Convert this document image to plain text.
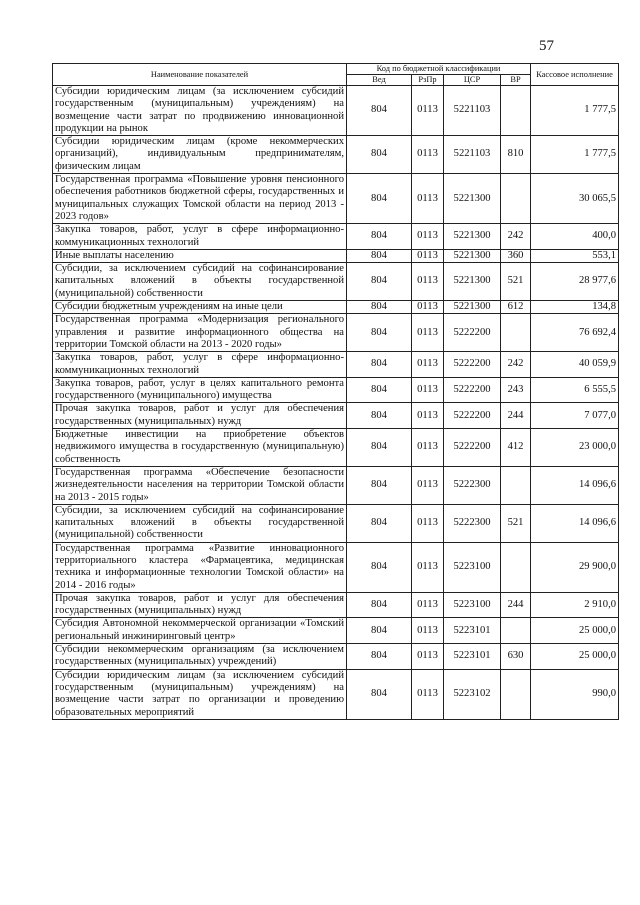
57
Наименование показателей	Код по бюджетной классификации				Кассовое исполнение
	Вед	РзПр	ЦСР	ВР	
Субсидии юридическим лицам (за исключением субсидий государственным (муниципальным) учреждениям) на возмещение части затрат по продвижению инновационной продукции на рынок	804	0113	5221103		1 777,5
Субсидии юридическим лицам (кроме некоммерческих организаций), индивидуальным предпринимателям, физическим лицам	804	0113	5221103	810	1 777,5
Государственная программа «Повышение уровня пенсионного обеспечения работников бюджетной сферы, государственных и муниципальных служащих Томской области на период 2013 - 2023 годов»	804	0113	5221300		30 065,5
Закупка товаров, работ, услуг в сфере информационно-коммуникационных технологий	804	0113	5221300	242	400,0
Иные выплаты населению	804	0113	5221300	360	553,1
Субсидии, за исключением субсидий на софинансирование капитальных вложений в объекты государственной (муниципальной) собственности	804	0113	5221300	521	28 977,6
Субсидии бюджетным учреждениям на иные цели	804	0113	5221300	612	134,8
Государственная программа «Модернизация регионального управления и развитие информационного общества на территории Томской области на 2013 - 2020 годы»	804	0113	5222200		76 692,4
Закупка товаров, работ, услуг в сфере информационно-коммуникационных технологий	804	0113	5222200	242	40 059,9
Закупка товаров, работ, услуг в целях капитального ремонта государственного (муниципального) имущества	804	0113	5222200	243	6 555,5
Прочая закупка товаров, работ и услуг для обеспечения государственных (муниципальных) нужд	804	0113	5222200	244	7 077,0
Бюджетные инвестиции на приобретение объектов недвижимого имущества в государственную (муниципальную) собственность	804	0113	5222200	412	23 000,0
Государственная программа «Обеспечение безопасности жизнедеятельности населения на территории Томской области на 2013 - 2015 годы»	804	0113	5222300		14 096,6
Субсидии, за исключением субсидий на софинансирование капитальных вложений в объекты государственной (муниципальной) собственности	804	0113	5222300	521	14 096,6
Государственная программа «Развитие инновационного территориального кластера «Фармацевтика, медицинская техника и информационные технологии Томской области» на 2014 - 2016 годы»	804	0113	5223100		29 900,0
Прочая закупка товаров, работ и услуг для обеспечения государственных (муниципальных) нужд	804	0113	5223100	244	2 910,0
Субсидия Автономной некоммерческой организации «Томский региональный инжиниринговый центр»	804	0113	5223101		25 000,0
Субсидии некоммерческим организациям (за исключением государственных (муниципальных) учреждений)	804	0113	5223101	630	25 000,0
Субсидии юридическим лицам (за исключением субсидий государственным (муниципальным) учреждениям) на возмещение части затрат по организации и проведению образовательных мероприятий	804	0113	5223102		990,0
